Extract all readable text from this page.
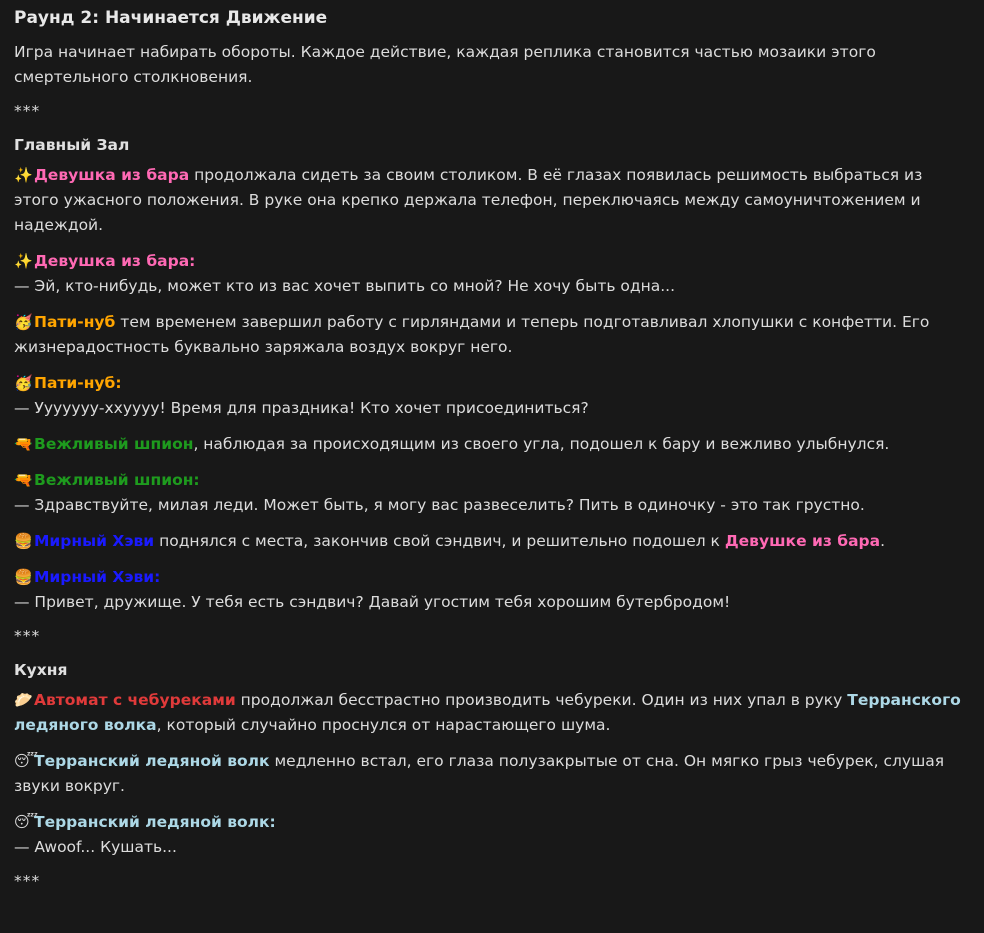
Раунд 2: Начинается Движение

Игра начинает набирать обороты. Каждое действие, каждая реплика становится частью мозаики этого смертельного столкновения.

***

Главный Зал

✨Девушка из бара продолжала сидеть за своим столиком. В её глазах появилась решимость выбраться из этого ужасного положения. В руке она крепко держала телефон, переключаясь между самоуничтожением и надеждой.

✨Девушка из бара:
— Эй, кто-нибудь, может кто из вас хочет выпить со мной? Не хочу быть одна...

🥳Пати-нуб тем временем завершил работу с гирляндами и теперь подготавливал хлопушки с конфетти. Его жизнерадостность буквально заряжала воздух вокруг него.

🥳Пати-нуб:
— Ууууууу-ххуууу! Время для праздника! Кто хочет присоединиться?

🔫Вежливый шпион, наблюдая за происходящим из своего угла, подошел к бару и вежливо улыбнулся.

🔫Вежливый шпион:
— Здравствуйте, милая леди. Может быть, я могу вас развеселить? Пить в одиночку - это так грустно.

🍔Мирный Хэви поднялся с места, закончив свой сэндвич, и решительно подошел к Девушке из бара.

🍔Мирный Хэви:
— Привет, дружище. У тебя есть сэндвич? Давай угостим тебя хорошим бутербродом!

***

Кухня

🥟Автомат с чебуреками продолжал бесстрастно производить чебуреки. Один из них упал в руку Терранского ледяного волка, который случайно проснулся от нарастающего шума.

😴Терранский ледяной волк медленно встал, его глаза полузакрытые от сна. Он мягко грыз чебурек, слушая звуки вокруг.

😴Терранский ледяной волк:
— Awoof... Кушать...

***
